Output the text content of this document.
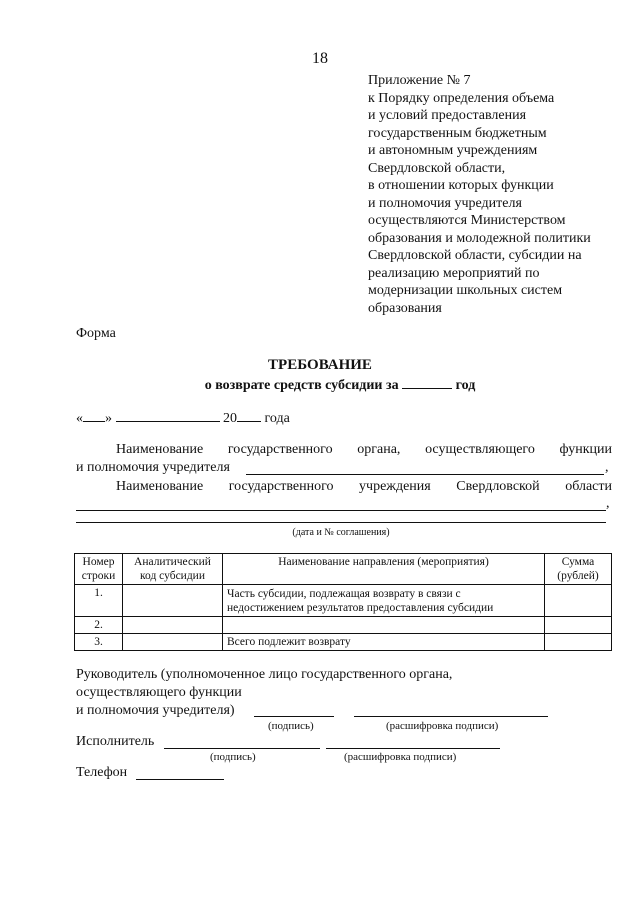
18
Приложение № 7
к Порядку определения объема
и условий предоставления
государственным бюджетным
и автономным учреждениям
Свердловской области,
в отношении которых функции
и полномочия учредителя
осуществляются Министерством
образования и молодежной политики
Свердловской области, субсидии на
реализацию мероприятий по
модернизации школьных систем
образования
Форма
ТРЕБОВАНИЕ
о возврате средств субсидии за	год
« »	20 года
Наименование государственного органа, осуществляющего функции
и полномочия учредителя	,
Наименование государственного учреждения Свердловской области
,
(дата и № соглашения)
Номер строки	Аналитический код субсидии	Наименование направления (мероприятия)	Сумма (рублей)
1.		Часть субсидии, подлежащая возврату в связи с недостижением результатов предоставления субсидии	
2.			
3.		Всего подлежит возврату	
Руководитель (уполномоченное лицо государственного органа,
осуществляющего функции
и полномочия учредителя)
(подпись)	(расшифровка подписи)
Исполнитель
(подпись)	(расшифровка подписи)
Телефон
